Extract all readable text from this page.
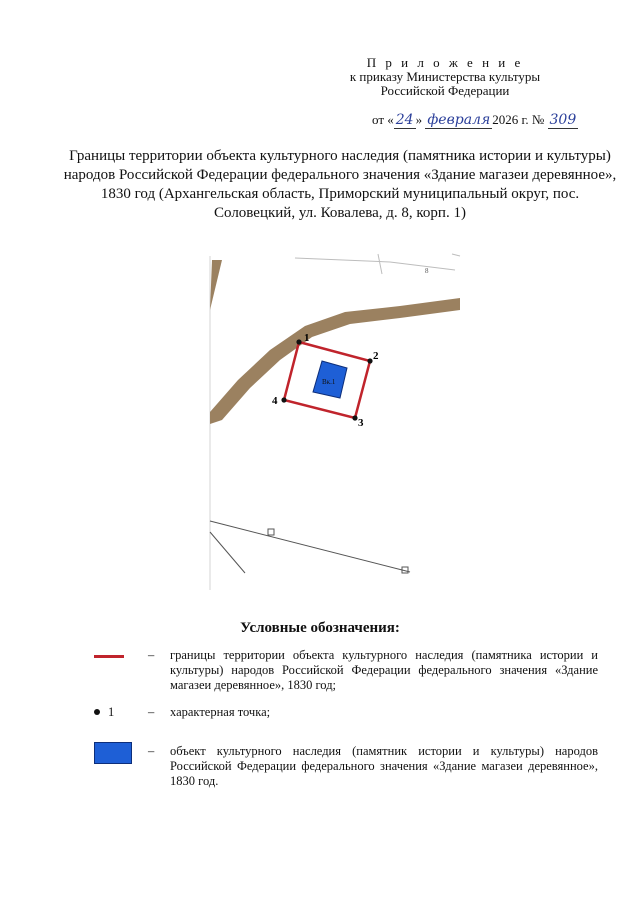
П р и л о ж е н и е
к приказу Министерства культуры
Российской Федерации
от « 24 » февраля 2026 г. № 309
Границы территории объекта культурного наследия (памятника истории и культуры) народов Российской Федерации федерального значения «Здание магазеи деревянное», 1830 год (Архангельская область, Приморский муниципальный округ, пос. Соловецкий, ул. Ковалева, д. 8, корп. 1)
8
Вк.1
1
2
3
4
Условные обозначения:
– границы территории объекта культурного наследия (памятника истории и культуры) народов Российской Федерации федерального значения «Здание магазеи деревянное», 1830 год;
1	– характерная точка;
– объект культурного наследия (памятник истории и культуры) народов Российской Федерации федерального значения «Здание магазеи деревянное», 1830 год.
